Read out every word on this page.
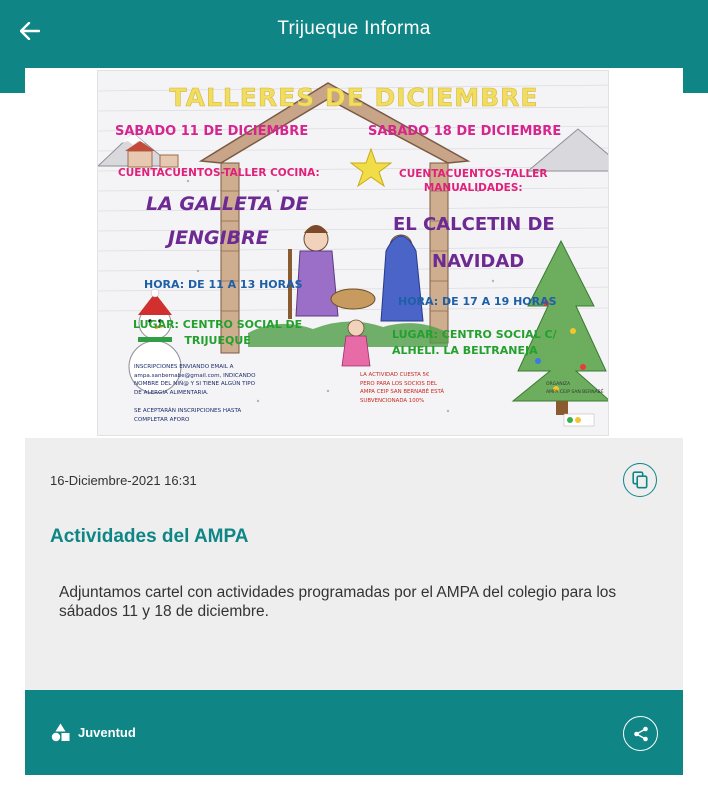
Trijueque Informa
TALLERES DE DICIEMBRE
SABADO 11 DE DICIEMBRE	SABADO 18 DE DICIEMBRE
CUENTACUENTOS-TALLER COCINA:	CUENTACUENTOS-TALLER
MANUALIDADES:
LA GALLETA DE
JENGIBRE
EL CALCETIN DE
NAVIDAD
HORA: DE 11 A 13 HORAS
HORA: DE 17 A 19 HORAS
LUGAR: CENTRO SOCIAL DE
TRIJUEQUE	LUGAR: CENTRO SOCIAL C/
ALHELI. LA BELTRANEJA
INSCRIPCIONES ENVIANDO EMAIL A
ampa.sanbernabe@gmail.com, INDICANDO
NOMBRE DEL NIÑ@ Y SI TIENE ALGÚN TIPO
DE ALERGIA ALIMENTARIA.
SE ACEPTARÁN INSCRIPCIONES HASTA
COMPLETAR AFORO
LA ACTIVIDAD CUESTA 5€
PERO PARA LOS SOCIOS DEL
AMPA CEIP SAN BERNABÉ ESTÁ
SUBVENCIONADA 100%
ORGANIZA
AMPA CEIP SAN BERNABÉ
16-Diciembre-2021 16:31
Actividades del AMPA
Adjuntamos cartel con actividades programadas por el AMPA del colegio para los sábados 11 y 18 de diciembre.
Juventud
